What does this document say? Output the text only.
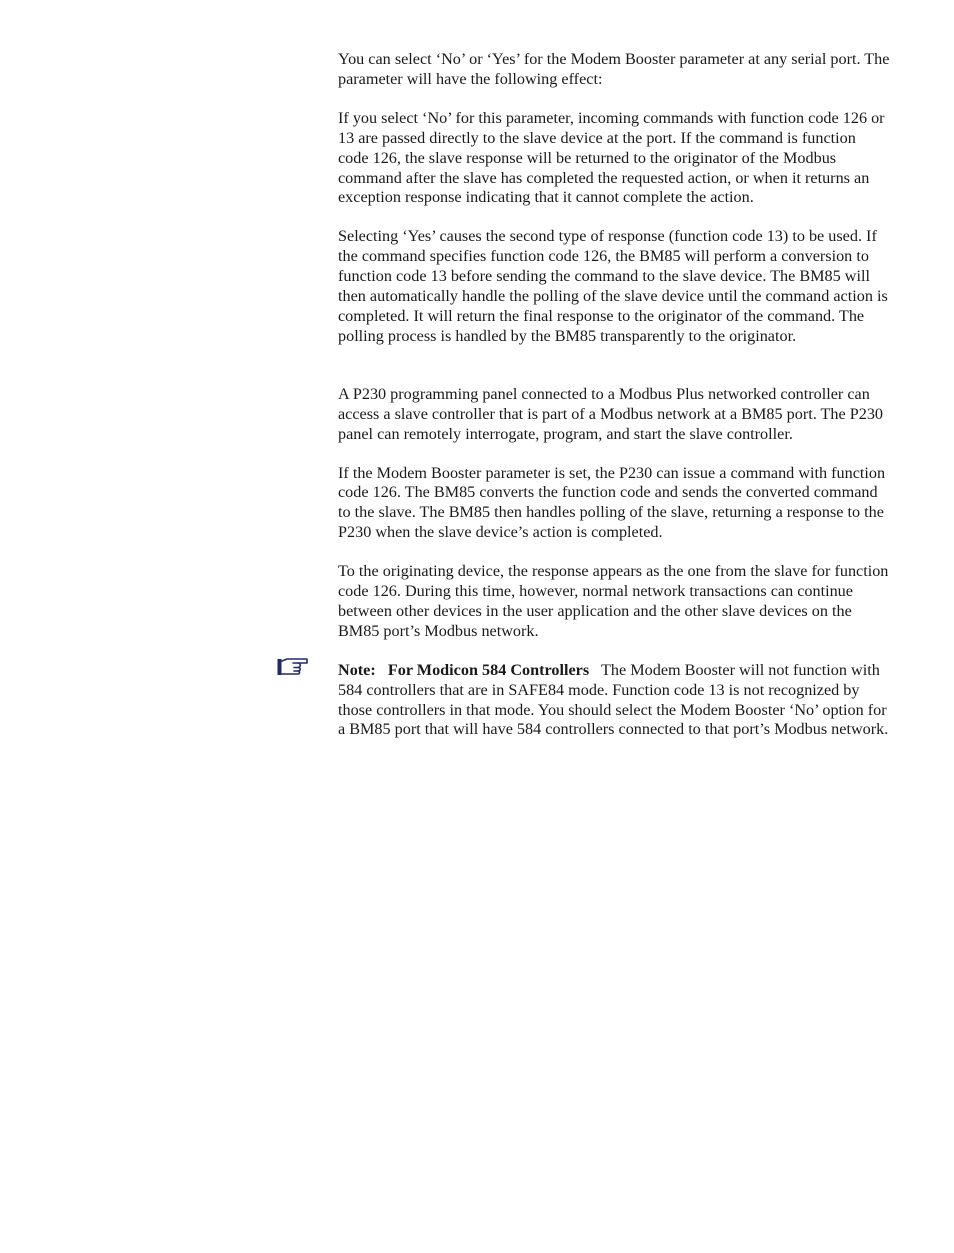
You can select ‘No’ or ‘Yes’ for the Modem Booster parameter at any serial port. The parameter will have the following effect:

If you select ‘No’ for this parameter, incoming commands with function code 126 or 13 are passed directly to the slave device at the port. If the command is function code 126, the slave response will be returned to the originator of the Modbus command after the slave has completed the requested action, or when it returns an exception response indicating that it cannot complete the action.

Selecting ‘Yes’ causes the second type of response (function code 13) to be used. If the command specifies function code 126, the BM85 will perform a conversion to function code 13 before sending the command to the slave device. The BM85 will then automatically handle the polling of the slave device until the command action is completed. It will return the final response to the originator of the command. The polling process is handled by the BM85 transparently to the originator.

A P230 programming panel connected to a Modbus Plus networked controller can access a slave controller that is part of a Modbus network at a BM85 port. The P230 panel can remotely interrogate, program, and start the slave controller.

If the Modem Booster parameter is set, the P230 can issue a command with function code 126. The BM85 converts the function code and sends the converted command to the slave. The BM85 then handles polling of the slave, returning a response to the P230 when the slave device’s action is completed.

To the originating device, the response appears as the one from the slave for function code 126. During this time, however, normal network transactions can continue between other devices in the user application and the other slave devices on the BM85 port’s Modbus network.

Note: For Modicon 584 Controllers The Modem Booster will not function with 584 controllers that are in SAFE84 mode. Function code 13 is not recognized by those controllers in that mode. You should select the Modem Booster ‘No’ option for a BM85 port that will have 584 controllers connected to that port’s Modbus network.
